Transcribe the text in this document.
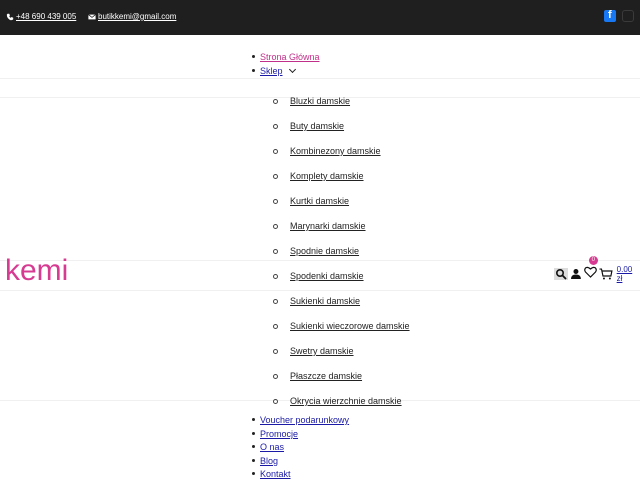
+48 690 439 005	butikkemi@gmail.com
f
Strona Główna
Sklep
Voucher podarunkowy
Promocje
O nas
Blog
Kontakt
Bluzki damskie
Buty damskie
Kombinezony damskie
Komplety damskie
Kurtki damskie
Marynarki damskie
Spodnie damskie
Spodenki damskie
Sukienki damskie
Sukienki wieczorowe damskie
Swetry damskie
Płaszcze damskie
Okrycia wierzchnie damskie
kemi	0
0.00 zł
